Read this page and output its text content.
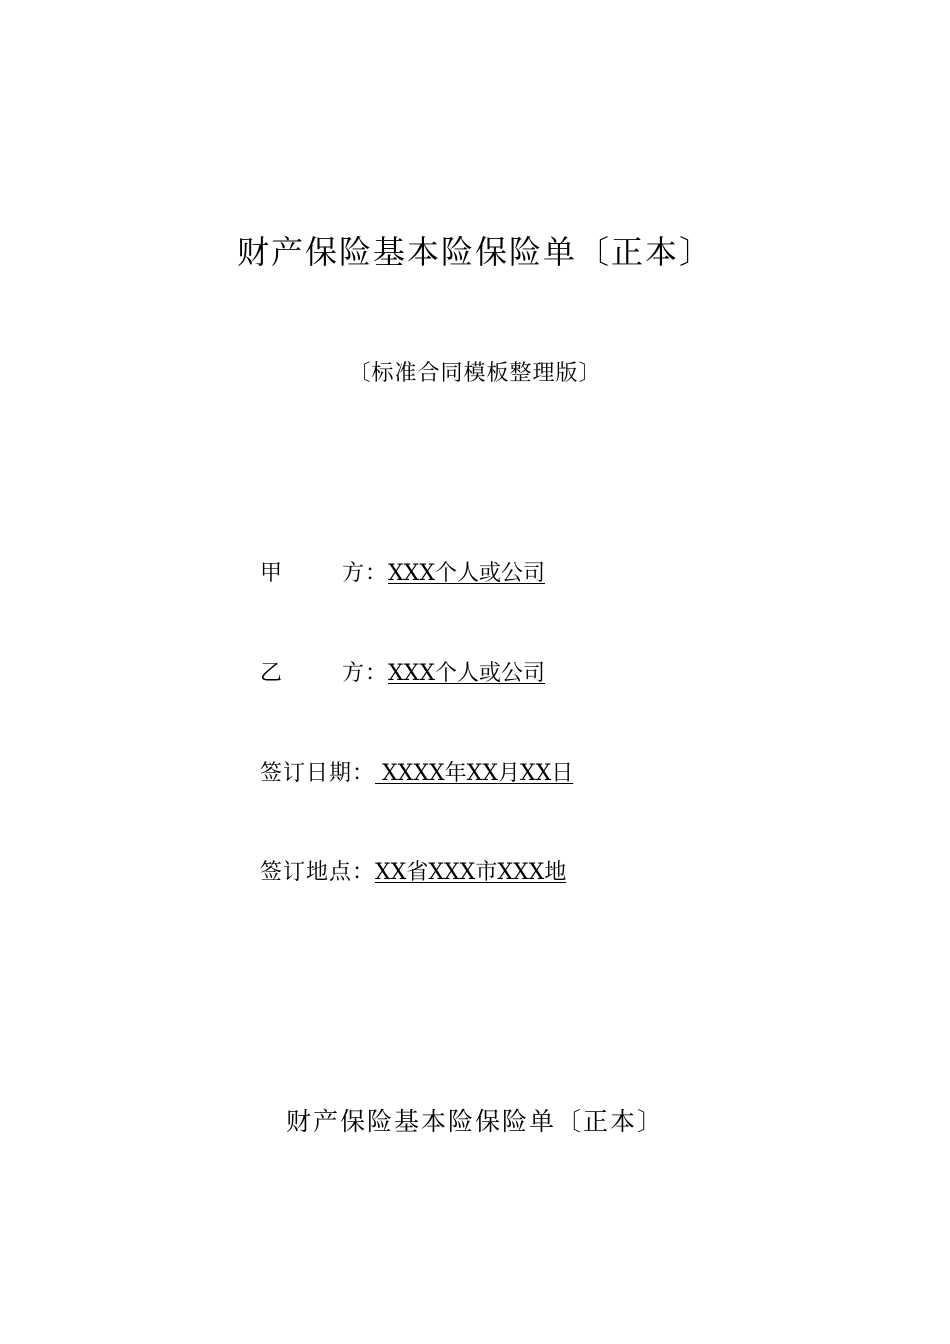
财产保险基本险保险单〔正本〕
〔标准合同模板整理版〕
甲	方： XXX个人或公司
乙	方： XXX个人或公司
签订日期： XXXX年XX月XX日
签订地点：XX省XXX市XXX地
财产保险基本险保险单〔正本〕
